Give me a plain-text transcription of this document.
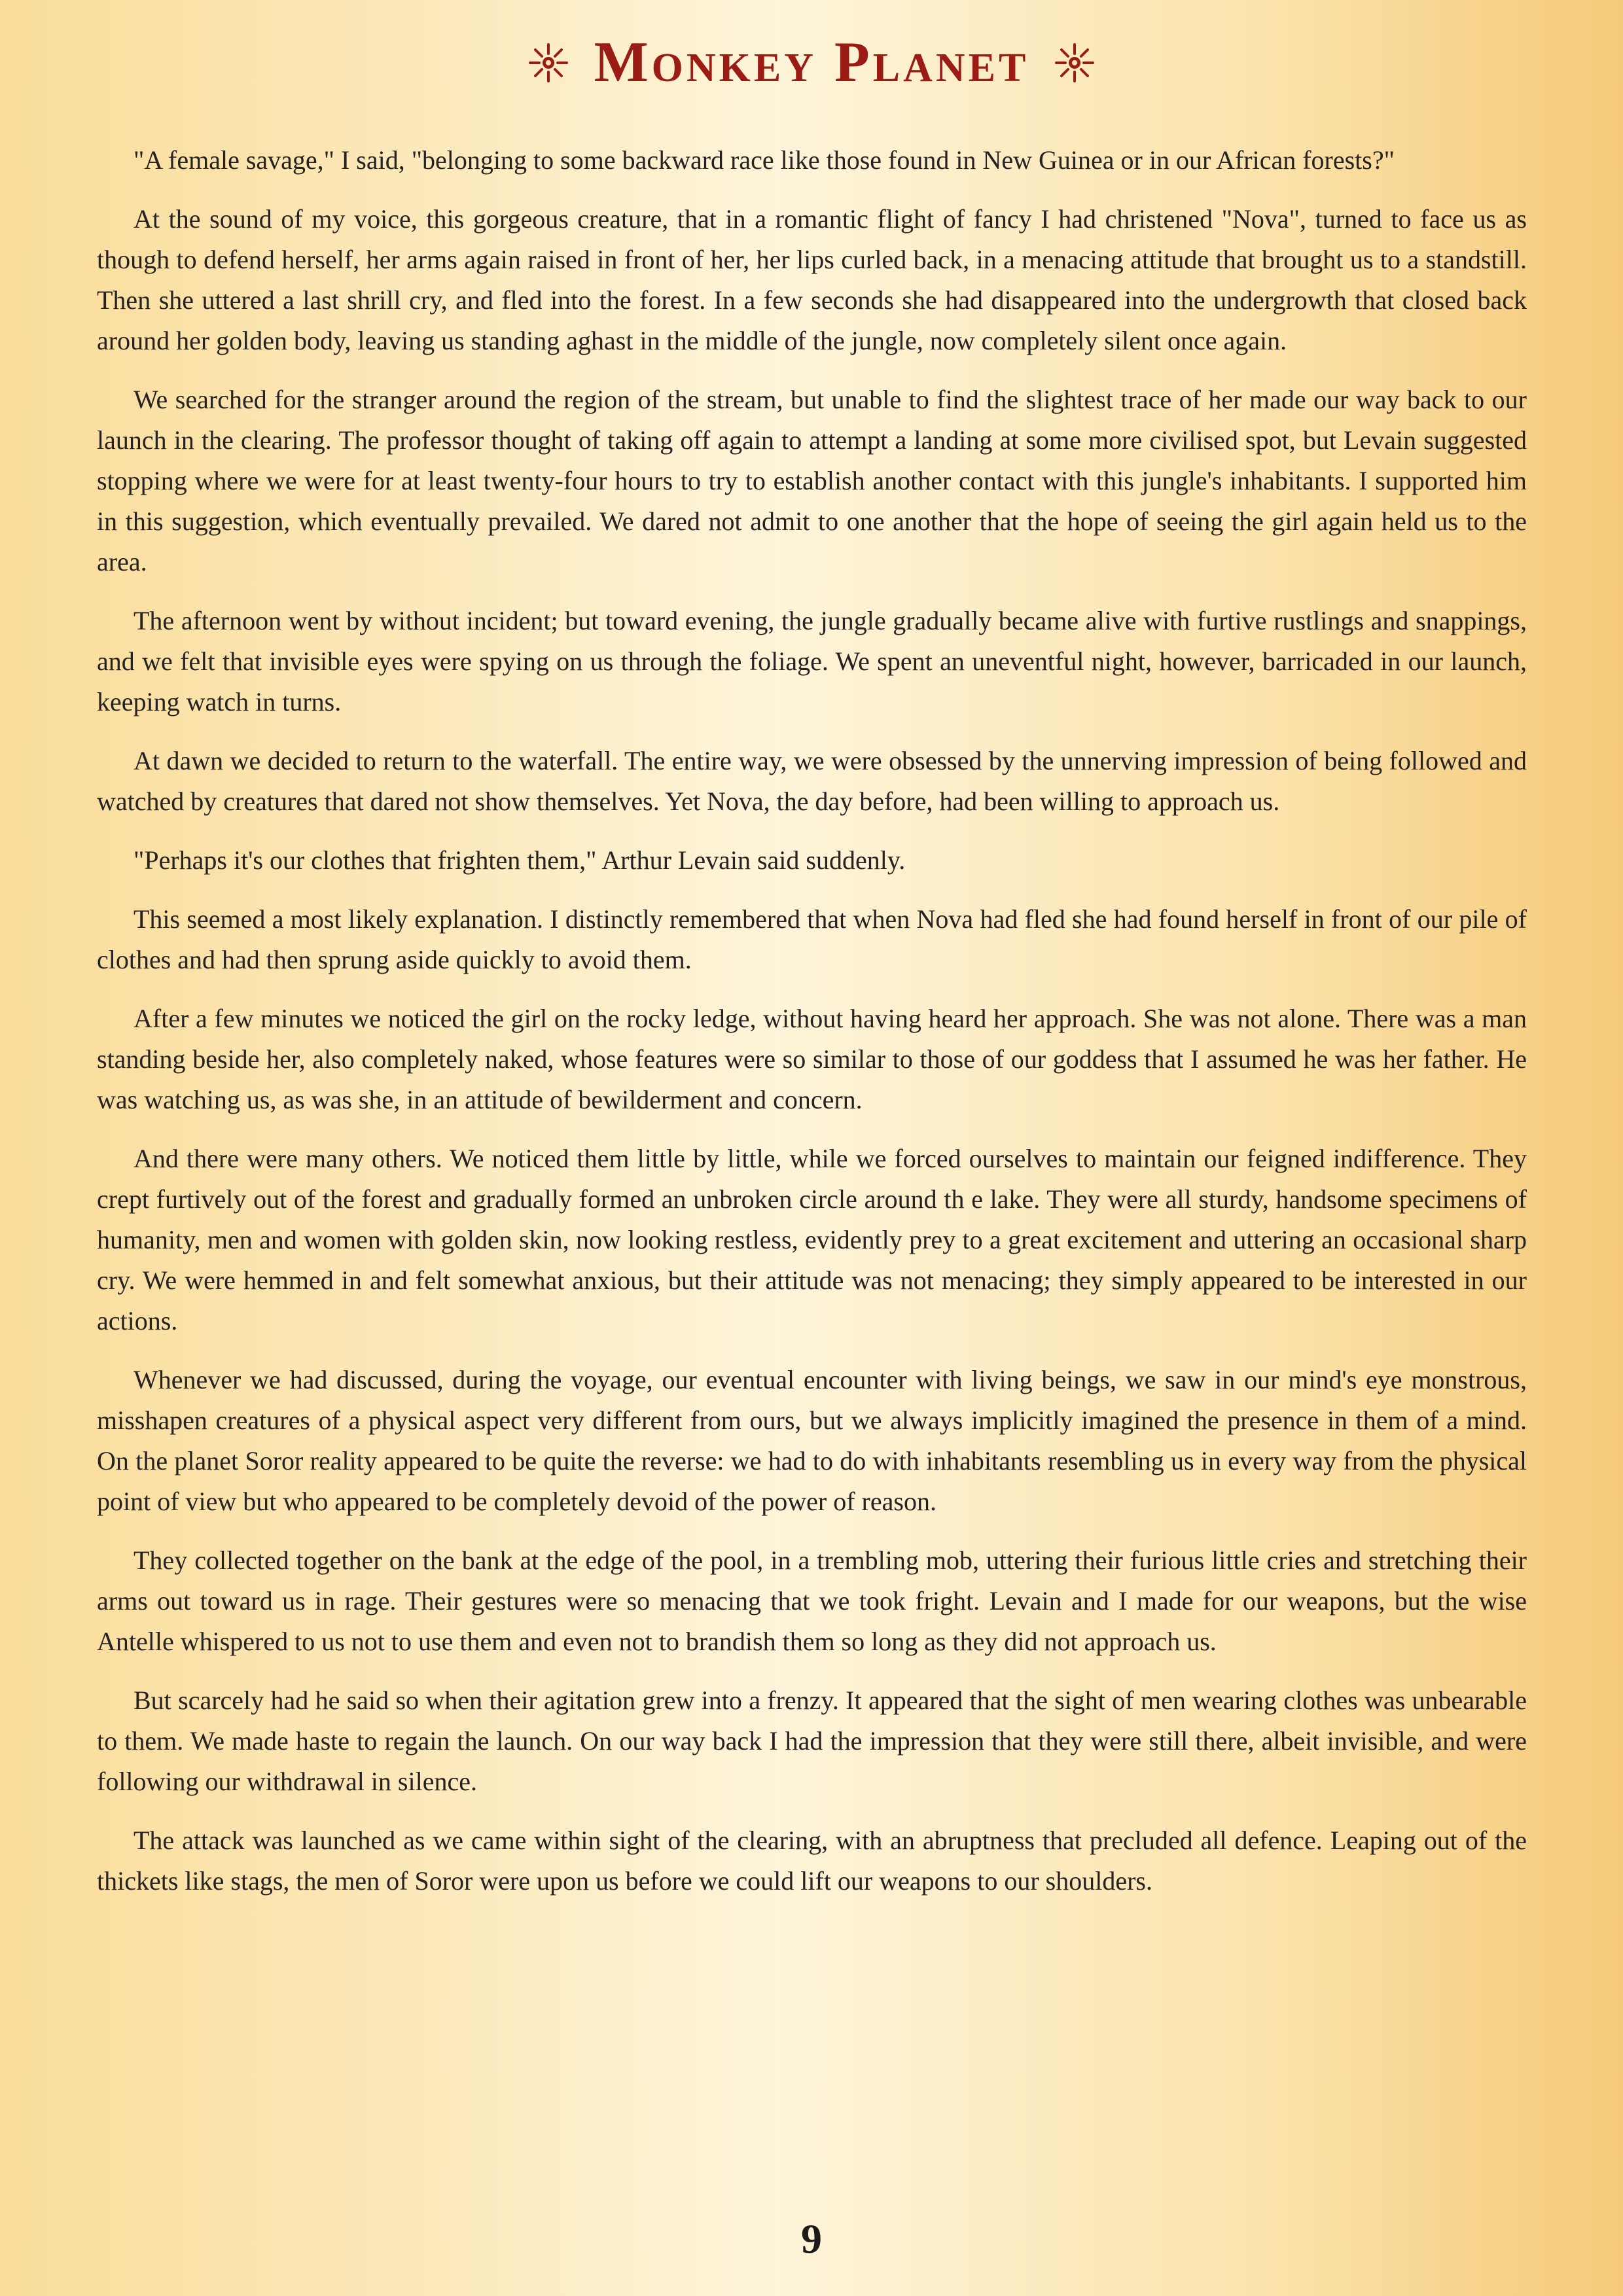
Monkey Planet

"A female savage," I said, "belonging to some backward race like those found in New Guinea or in our African forests?"

At the sound of my voice, this gorgeous creature, that in a romantic flight of fancy I had christened "Nova", turned to face us as though to defend herself, her arms again raised in front of her, her lips curled back, in a menacing attitude that brought us to a standstill. Then she uttered a last shrill cry, and fled into the forest. In a few seconds she had disappeared into the undergrowth that closed back around her golden body, leaving us standing aghast in the middle of the jungle, now completely silent once again.

We searched for the stranger around the region of the stream, but unable to find the slightest trace of her made our way back to our launch in the clearing. The professor thought of taking off again to attempt a landing at some more civilised spot, but Levain suggested stopping where we were for at least twenty-four hours to try to establish another contact with this jungle's inhabitants. I supported him in this suggestion, which eventually prevailed. We dared not admit to one another that the hope of seeing the girl again held us to the area.

The afternoon went by without incident; but toward evening, the jungle gradually became alive with furtive rustlings and snappings, and we felt that invisible eyes were spying on us through the foliage. We spent an uneventful night, however, barricaded in our launch, keeping watch in turns.

At dawn we decided to return to the waterfall. The entire way, we were obsessed by the unnerving impression of being followed and watched by creatures that dared not show themselves. Yet Nova, the day before, had been willing to approach us.

"Perhaps it's our clothes that frighten them," Arthur Levain said suddenly.

This seemed a most likely explanation. I distinctly remembered that when Nova had fled she had found herself in front of our pile of clothes and had then sprung aside quickly to avoid them.

After a few minutes we noticed the girl on the rocky ledge, without having heard her approach. She was not alone. There was a man standing beside her, also completely naked, whose features were so similar to those of our goddess that I assumed he was her father. He was watching us, as was she, in an attitude of bewilderment and concern.

And there were many others. We noticed them little by little, while we forced ourselves to maintain our feigned indifference. They crept furtively out of the forest and gradually formed an unbroken circle around th e lake. They were all sturdy, handsome specimens of humanity, men and women with golden skin, now looking restless, evidently prey to a great excitement and uttering an occasional sharp cry. We were hemmed in and felt somewhat anxious, but their attitude was not menacing; they simply appeared to be interested in our actions.

Whenever we had discussed, during the voyage, our eventual encounter with living beings, we saw in our mind's eye monstrous, misshapen creatures of a physical aspect very different from ours, but we always implicitly imagined the presence in them of a mind. On the planet Soror reality appeared to be quite the reverse: we had to do with inhabitants resembling us in every way from the physical point of view but who appeared to be completely devoid of the power of reason.

They collected together on the bank at the edge of the pool, in a trembling mob, uttering their furious little cries and stretching their arms out toward us in rage. Their gestures were so menacing that we took fright. Levain and I made for our weapons, but the wise Antelle whispered to us not to use them and even not to brandish them so long as they did not approach us.

But scarcely had he said so when their agitation grew into a frenzy. It appeared that the sight of men wearing clothes was unbearable to them. We made haste to regain the launch. On our way back I had the impression that they were still there, albeit invisible, and were following our withdrawal in silence.

The attack was launched as we came within sight of the clearing, with an abruptness that precluded all defence. Leaping out of the thickets like stags, the men of Soror were upon us before we could lift our weapons to our shoulders.

9
